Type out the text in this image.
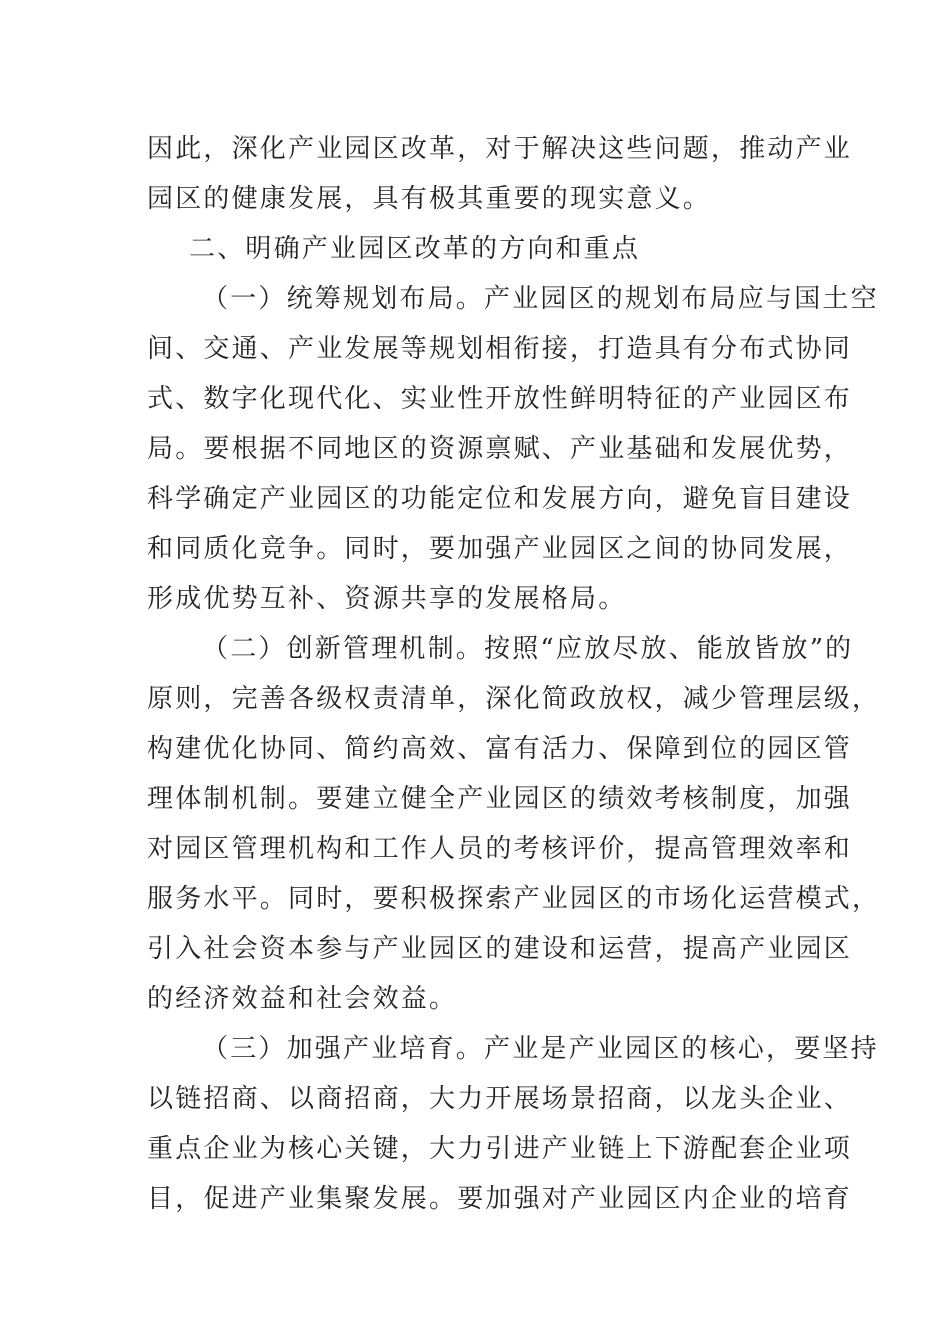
因此，深化产业园区改革，对于解决这些问题，推动产业
园区的健康发展，具有极其重要的现实意义。
二、明确产业园区改革的方向和重点
（一）统筹规划布局。产业园区的规划布局应与国土空
间、交通、产业发展等规划相衔接，打造具有分布式协同
式、数字化现代化、实业性开放性鲜明特征的产业园区布
局。要根据不同地区的资源禀赋、产业基础和发展优势，
科学确定产业园区的功能定位和发展方向，避免盲目建设
和同质化竞争。同时，要加强产业园区之间的协同发展，
形成优势互补、资源共享的发展格局。
（二）创新管理机制。按照“应放尽放、能放皆放”的
原则，完善各级权责清单，深化简政放权，减少管理层级，
构建优化协同、简约高效、富有活力、保障到位的园区管
理体制机制。要建立健全产业园区的绩效考核制度，加强
对园区管理机构和工作人员的考核评价，提高管理效率和
服务水平。同时，要积极探索产业园区的市场化运营模式，
引入社会资本参与产业园区的建设和运营，提高产业园区
的经济效益和社会效益。
（三）加强产业培育。产业是产业园区的核心，要坚持
以链招商、以商招商，大力开展场景招商，以龙头企业、
重点企业为核心关键，大力引进产业链上下游配套企业项
目，促进产业集聚发展。要加强对产业园区内企业的培育
